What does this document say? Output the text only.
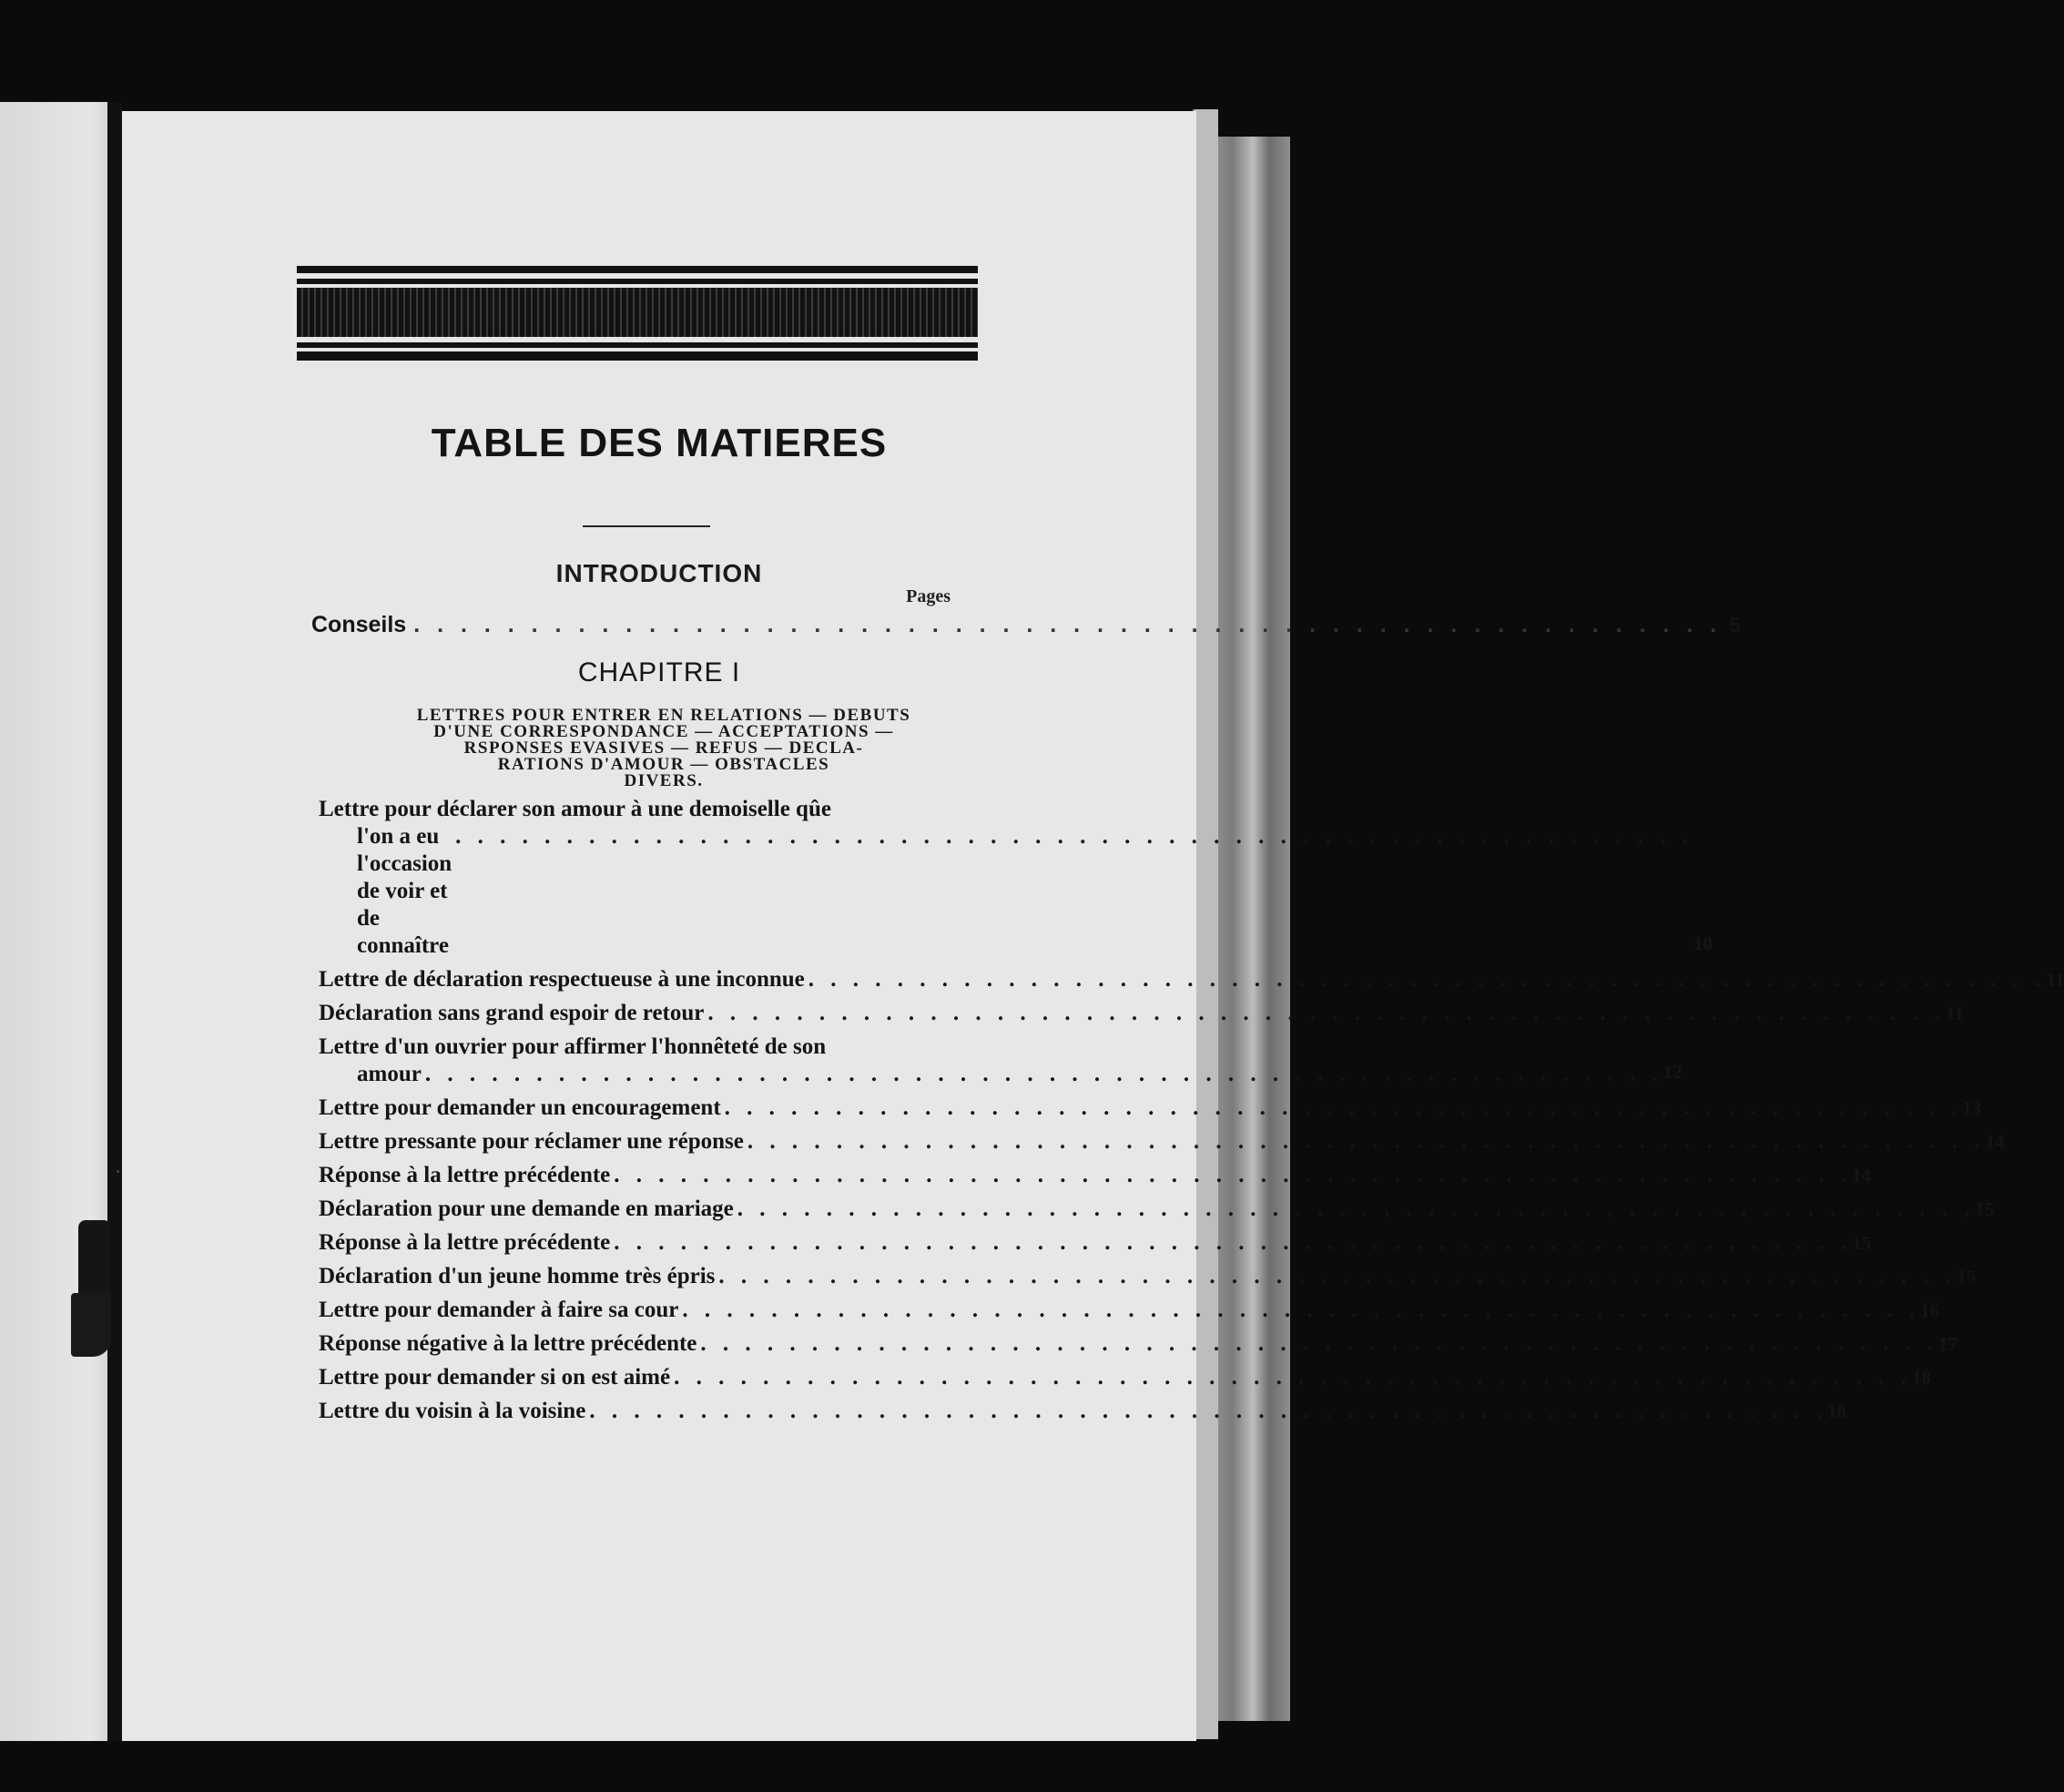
TABLE DES MATIERES
INTRODUCTION
Pages
Conseils . . .	5
CHAPITRE I
LETTRES POUR ENTRER EN RELATIONS — DEBUTS
D'UNE CORRESPONDANCE — ACCEPTATIONS —
RSPONSES EVASIVES — REFUS — DECLA-
RATIONS D'AMOUR — OBSTACLES
DIVERS.
Lettre pour déclarer son amour à une demoiselle qûe
l'on a eu l'occasion de voir et de connaître
. . .	10
Lettre de déclaration respectueuse à une inconnue . . .	11
Déclaration sans grand espoir de retour . . .	11
Lettre d'un ouvrier pour affirmer l'honnêteté de son
amour . . .	12
Lettre pour demander un encouragement . . .	13
Lettre pressante pour réclamer une réponse . . .	14
Réponse à la lettre précédente . . .	14
Déclaration pour une demande en mariage . . .	15
Réponse à la lettre précédente . . .	15
Déclaration d'un jeune homme très épris . . .	15
Lettre pour demander à faire sa cour . . .	16
Réponse négative à la lettre précédente . . .	17
Lettre pour demander si on est aimé . . .	18
Lettre du voisin à la voisine . . .	18
